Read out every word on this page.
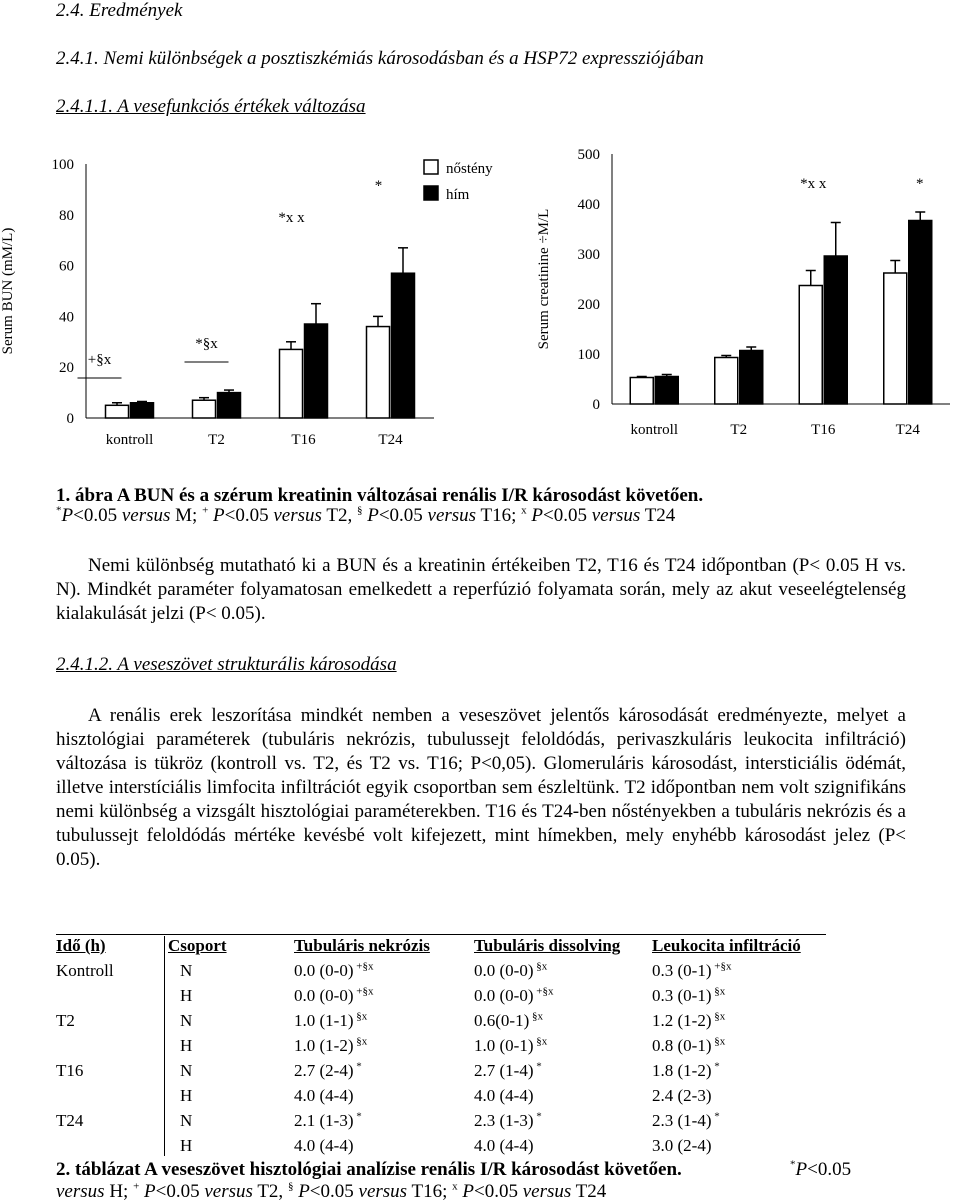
2.4. Eredmények
2.4.1. Nemi különbségek a posztiszkémiás károsodásban és a HSP72 expressziójában
2.4.1.1. A vesefunkciós értékek változása
0
20
40
60
80
100
Serum BUN (mM/L)
kontroll	T2	T16	T24
+§x
*§x
*x x
*
nőstény
hím
0
100
200
300
400
500
Serum creatinine ÷M/L
kontroll	T2	T16	T24
*x x	*
1. ábra A BUN és a szérum kreatinin változásai renális I/R károsodást követően.
*P<0.05 versus M; + P<0.05 versus T2, § P<0.05 versus T16; $^x$ P<0.05 versus T24
Nemi különbség mutatható ki a BUN és a kreatinin értékeiben T2, T16 és T24 időpontban (P< 0.05 H vs. N). Mindkét paraméter folyamatosan emelkedett a reperfúzió folyamata során, mely az akut veseelégtelenség kialakulását jelzi (P< 0.05).
2.4.1.2. A veseszövet strukturális károsodása
A renális erek leszorítása mindkét nemben a veseszövet jelentős károsodását eredményezte, melyet a hisztológiai paraméterek (tubuláris nekrózis, tubulussejt feloldódás, perivaszkuláris leukocita infiltráció) változása is tükröz (kontroll vs. T2, és T2 vs. T16; P<0,05). Glomeruláris károsodást, intersticiális ödémát, illetve interstíciális limfocita infiltrációt egyik csoportban sem észleltünk. T2 időpontban nem volt szignifikáns nemi különbség a vizsgált hisztológiai paraméterekben. T16 és T24-ben nőstényekben a tubuláris nekrózis és a tubulussejt feloldódás mértéke kevésbé volt kifejezett, mint hímekben, mely enyhébb károsodást jelez (P< 0.05).
Idő (h)	Csoport	Tubuláris nekrózis	Tubuláris dissolving	Leukocita infiltráció
Kontroll	N	0.0 (0-0) $^{+\S x}$	0.0 (0-0) $^{\S x}$	0.3 (0-1) $^{+\S x}$
	H	0.0 (0-0) $^{+\S x}$	0.0 (0-0) $^{+\S x}$	0.3 (0-1) $^{\S x}$
T2	N	1.0 (1-1) $^{\S x}$	0.6(0-1) $^{\S x}$	1.2 (1-2) $^{\S x}$
	H	1.0 (1-2) $^{\S x}$	1.0 (0-1) $^{\S x}$	0.8 (0-1) $^{\S x}$
T16	N	2.7 (2-4) *	2.7 (1-4) *	1.8 (1-2) *
	H	4.0 (4-4)	4.0 (4-4)	2.4 (2-3)
T24	N	2.1 (1-3) *	2.3 (1-3) *	2.3 (1-4) *
	H	4.0 (4-4)	4.0 (4-4)	3.0 (2-4)
2. táblázat A veseszövet hisztológiai analízise renális I/R károsodást követően.
versus H; + P<0.05 versus T2, § P<0.05 versus T16; $^x$ P<0.05 versus T24
*P<0.05
